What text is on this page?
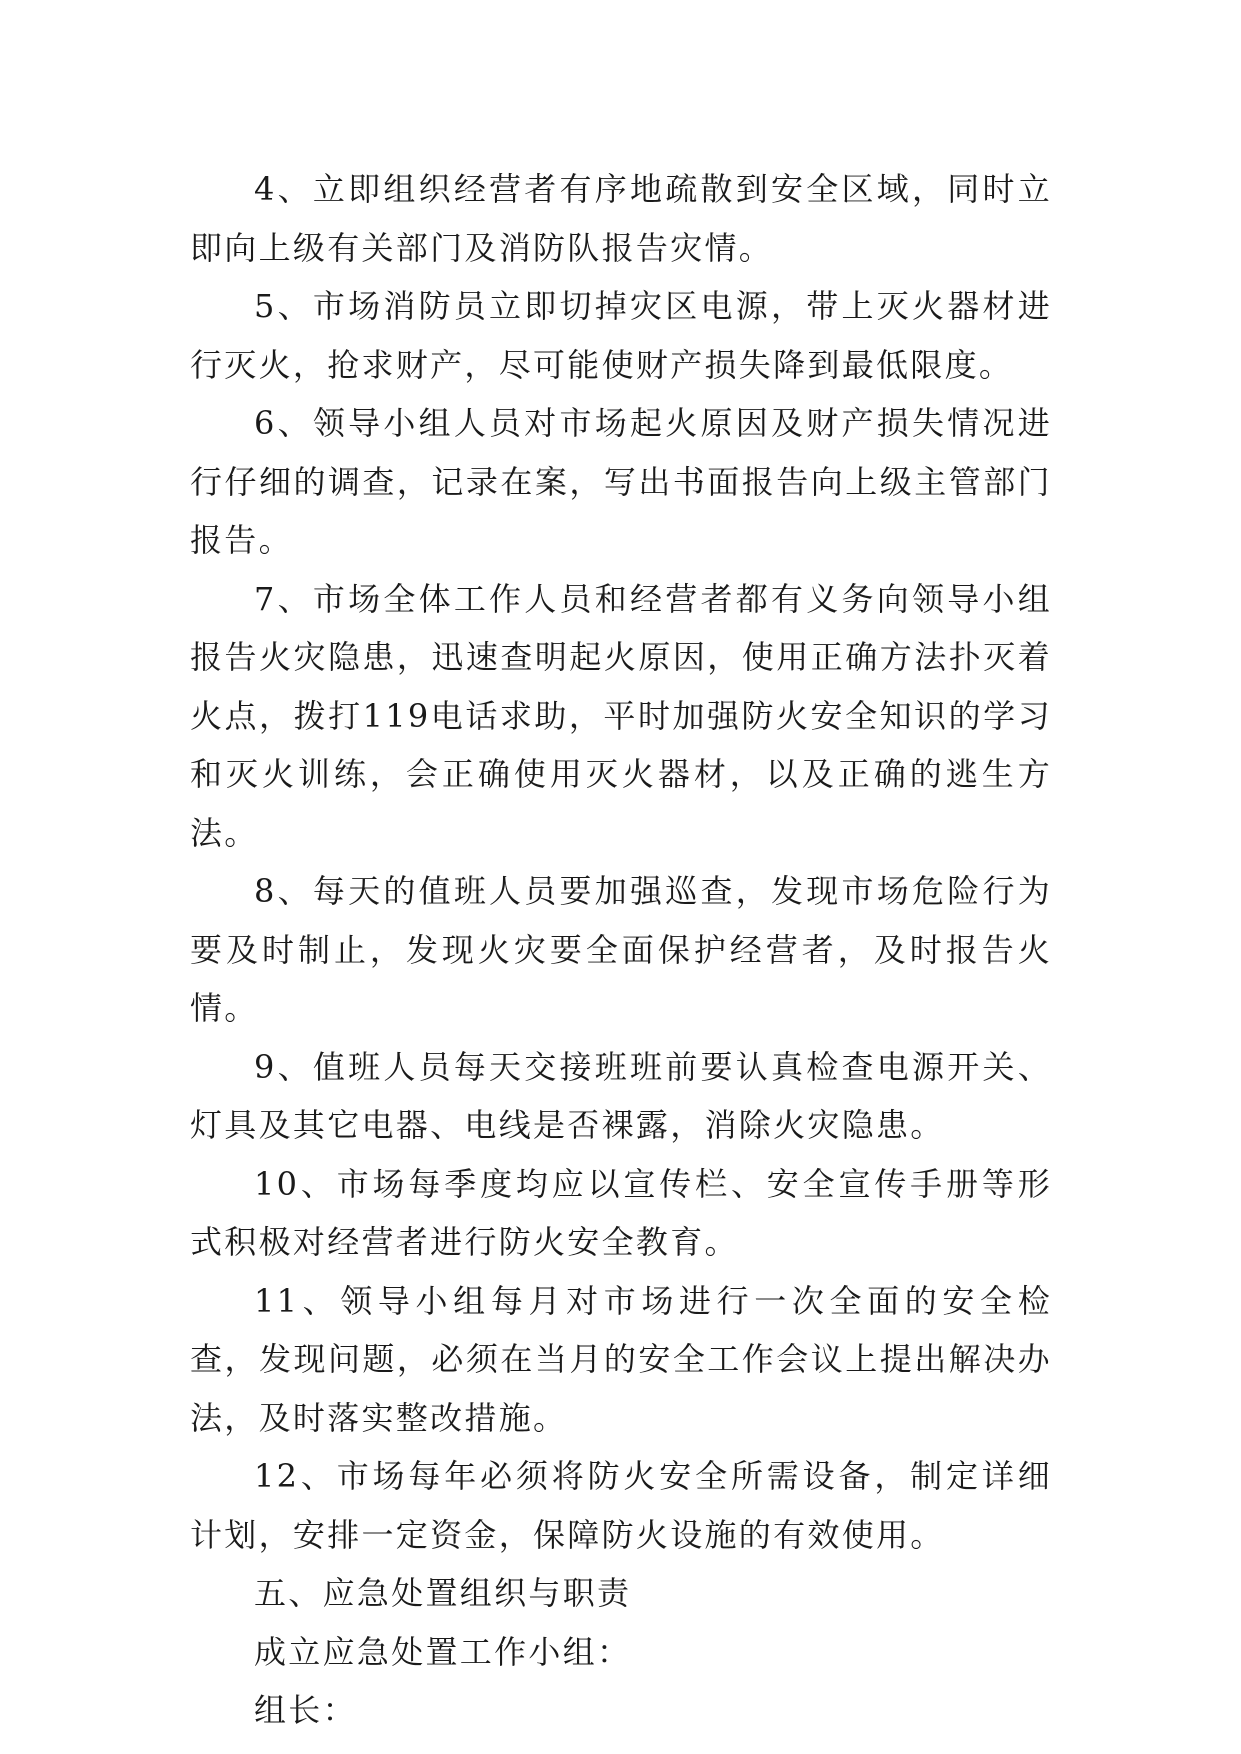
4、立即组织经营者有序地疏散到安全区域，同时立即向上级有关部门及消防队报告灾情。

5、市场消防员立即切掉灾区电源，带上灭火器材进行灭火，抢求财产，尽可能使财产损失降到最低限度。

6、领导小组人员对市场起火原因及财产损失情况进行仔细的调查，记录在案，写出书面报告向上级主管部门报告。

7、市场全体工作人员和经营者都有义务向领导小组报告火灾隐患，迅速查明起火原因，使用正确方法扑灭着火点，拨打119电话求助，平时加强防火安全知识的学习和灭火训练，会正确使用灭火器材，以及正确的逃生方法。

8、每天的值班人员要加强巡查，发现市场危险行为要及时制止，发现火灾要全面保护经营者，及时报告火情。

9、值班人员每天交接班班前要认真检查电源开关、灯具及其它电器、电线是否裸露，消除火灾隐患。

10、市场每季度均应以宣传栏、安全宣传手册等形式积极对经营者进行防火安全教育。

11、领导小组每月对市场进行一次全面的安全检查，发现问题，必须在当月的安全工作会议上提出解决办法，及时落实整改措施。

12、市场每年必须将防火安全所需设备，制定详细计划，安排一定资金，保障防火设施的有效使用。

五、应急处置组织与职责

成立应急处置工作小组：

组长：
